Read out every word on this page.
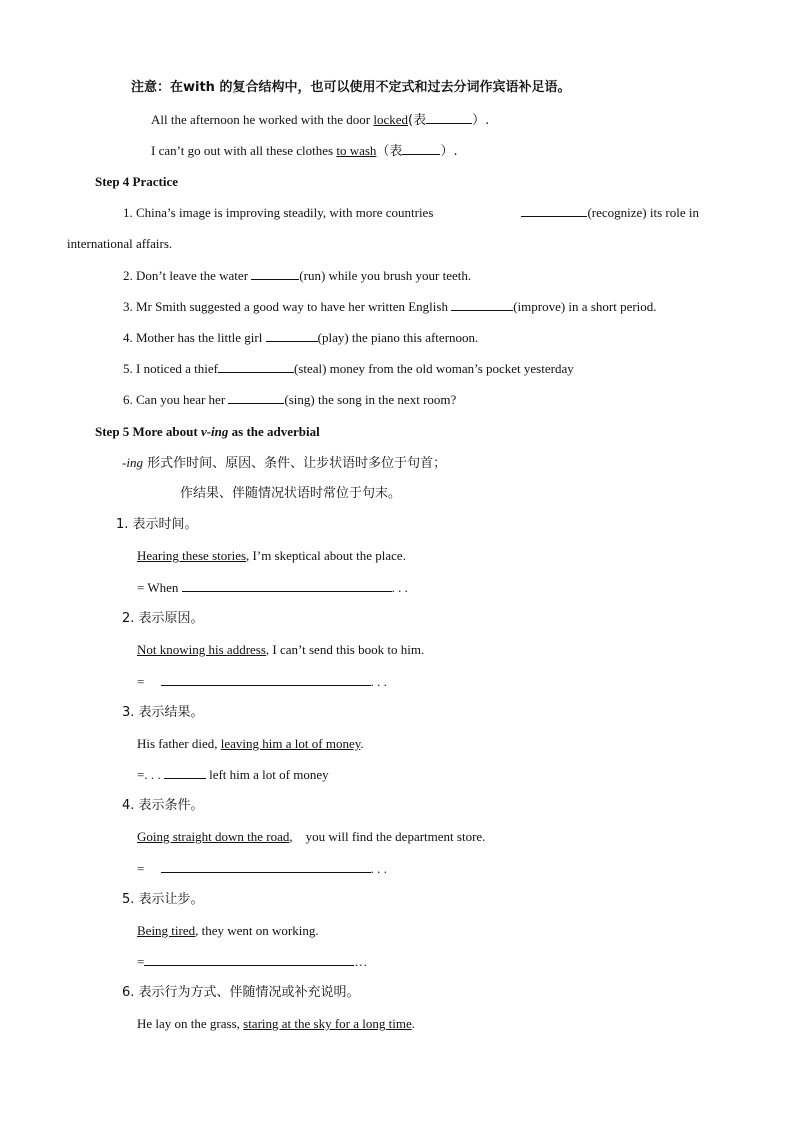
注意：在with 的复合结构中，也可以使用不定式和过去分词作宾语补足语。
All the afternoon he worked with the door locked(表	）.
I can’t go out with all these clothes to wash（表	）.
Step 4 Practice
1. China’s image is improving steadily, with more countries	(recognize) its role in
international affairs.
2. Don’t leave the water	(run) while you brush your teeth.
3. Mr Smith suggested a good way to have her written English	(improve) in a short period.
4. Mother has the little girl	(play) the piano this afternoon.
5. I noticed a thief	(steal) money from the old woman’s pocket yesterday
6. Can you hear her	(sing) the song in the next room?
Step 5 More about v-ing as the adverbial
-ing 形式作时间、原因、条件、让步状语时多位于句首；
作结果、伴随情况状语时常位于句末。
1. 表示时间。
Hearing these stories, I’m skeptical about the place.
= When	. . .
2. 表示原因。
Not knowing his address, I can’t send this book to him.
=	. . .
3. 表示结果。
His father died, leaving him a lot of money.
=. . .	left him a lot of money
4. 表示条件。
Going straight down the road,    you will find the department store.
=	. . .
5. 表示让步。
Being tired, they went on working.
=	…
6. 表示行为方式、伴随情况或补充说明。
He lay on the grass, staring at the sky for a long time.
